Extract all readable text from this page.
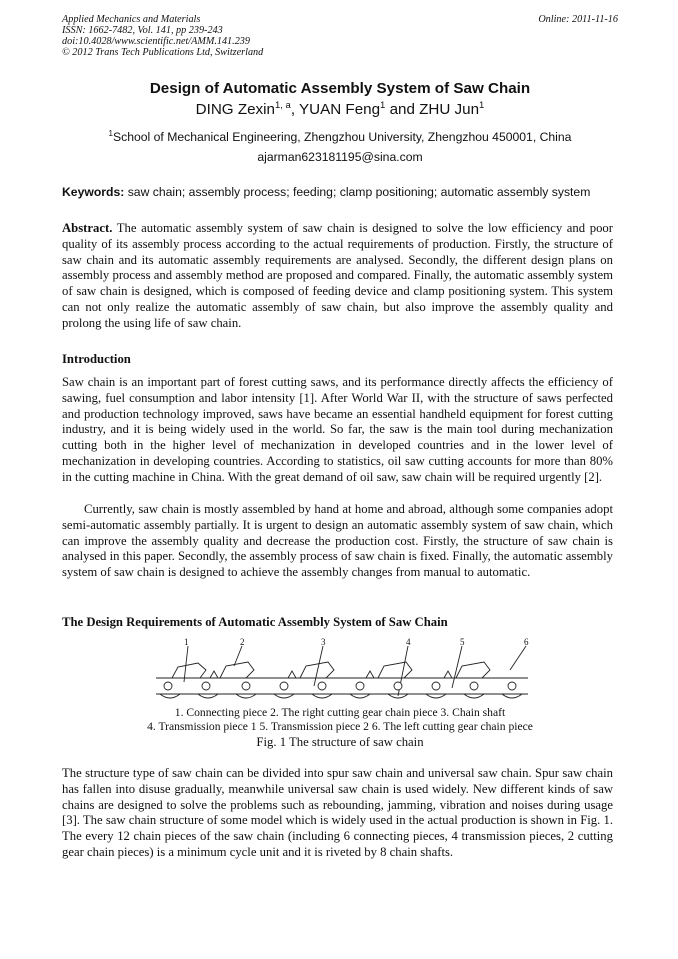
Applied Mechanics and Materials
ISSN: 1662-7482, Vol. 141, pp 239-243
doi:10.4028/www.scientific.net/AMM.141.239
© 2012 Trans Tech Publications Ltd, Switzerland
Online: 2011-11-16
Design of Automatic Assembly System of Saw Chain
DING Zexin$^{1, a}$, YUAN Feng$^1$ and ZHU Jun$^1$
$^1$School of Mechanical Engineering, Zhengzhou University, Zhengzhou 450001, China
ajarman623181195@sina.com
Keywords: saw chain; assembly process; feeding; clamp positioning; automatic assembly system
Abstract. The automatic assembly system of saw chain is designed to solve the low efficiency and poor quality of its assembly process according to the actual requirements of production. Firstly, the structure of saw chain and its automatic assembly requirements are analysed. Secondly, the different design plans on assembly process and assembly method are proposed and compared. Finally, the automatic assembly system of saw chain is designed, which is composed of feeding device and clamp positioning system. This system can not only realize the automatic assembly of saw chain, but also improve the assembly quality and prolong the using life of saw chain.
Introduction
Saw chain is an important part of forest cutting saws, and its performance directly affects the efficiency of sawing, fuel consumption and labor intensity [1]. After World War II, with the structure of saws perfected and production technology improved, saws have became an essential handheld equipment for forest cutting industry, and it is being widely used in the world. So far, the saw is the main tool during mechanization cutting both in the higher level of mechanization in developed countries and in the lower level of mechanization in developing countries. According to statistics, oil saw cutting accounts for more than 80% in the cutting machine in China. With the great demand of oil saw, saw chain will be required urgently [2].
Currently, saw chain is mostly assembled by hand at home and abroad, although some companies adopt semi-automatic assembly partially. It is urgent to design an automatic assembly system of saw chain, which can improve the assembly quality and decrease the production cost. Firstly, the structure of saw chain is analysed in this paper. Secondly, the assembly process of saw chain is fixed. Finally, the automatic assembly system of saw chain is designed to achieve the assembly changes from manual to automatic.
The Design Requirements of Automatic Assembly System of Saw Chain
1	2	3	4	5	6
1. Connecting piece 2. The right cutting gear chain piece 3. Chain shaft
4. Transmission piece 1 5. Transmission piece 2 6. The left cutting gear chain piece
Fig. 1 The structure of saw chain
The structure type of saw chain can be divided into spur saw chain and universal saw chain. Spur saw chain has fallen into disuse gradually, meanwhile universal saw chain is used widely. New different kinds of saw chains are designed to solve the problems such as rebounding, jamming, vibration and noises during usage [3]. The saw chain structure of some model which is widely used in the actual production is shown in Fig. 1. The every 12 chain pieces of the saw chain (including 6 connecting pieces, 4 transmission pieces, 2 cutting gear chain pieces) is a minimum cycle unit and it is riveted by 8 chain shafts.
